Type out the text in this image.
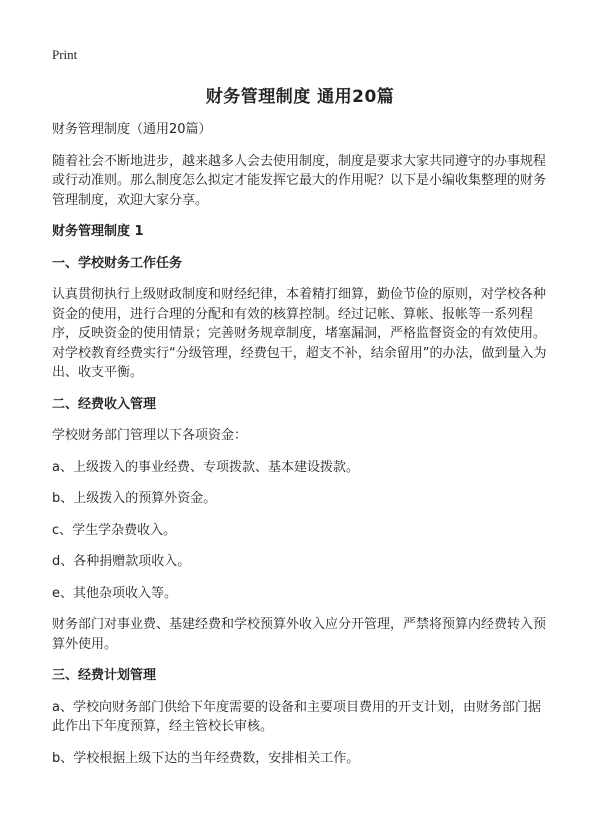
Print
财务管理制度 通用20篇

财务管理制度（通用20篇）

随着社会不断地进步，越来越多人会去使用制度，制度是要求大家共同遵守的办事规程或行动准则。那么制度怎么拟定才能发挥它最大的作用呢？以下是小编收集整理的财务管理制度，欢迎大家分享。

财务管理制度 1
一、学校财务工作任务

认真贯彻执行上级财政制度和财经纪律，本着精打细算，勤俭节俭的原则，对学校各种资金的使用，进行合理的分配和有效的核算控制。经过记帐、算帐、报帐等一系列程序，反映资金的使用情景；完善财务规章制度，堵塞漏洞，严格监督资金的有效使用。对学校教育经费实行“分级管理，经费包干，超支不补，结余留用”的办法，做到量入为出、收支平衡。

二、经费收入管理

学校财务部门管理以下各项资金：

a、上级拨入的事业经费、专项拨款、基本建设拨款。

b、上级拨入的预算外资金。

c、学生学杂费收入。

d、各种捐赠款项收入。

e、其他杂项收入等。

财务部门对事业费、基建经费和学校预算外收入应分开管理，严禁将预算内经费转入预算外使用。

三、经费计划管理

a、学校向财务部门供给下年度需要的设备和主要项目费用的开支计划，由财务部门据此作出下年度预算，经主管校长审核。

b、学校根据上级下达的当年经费数，安排相关工作。
